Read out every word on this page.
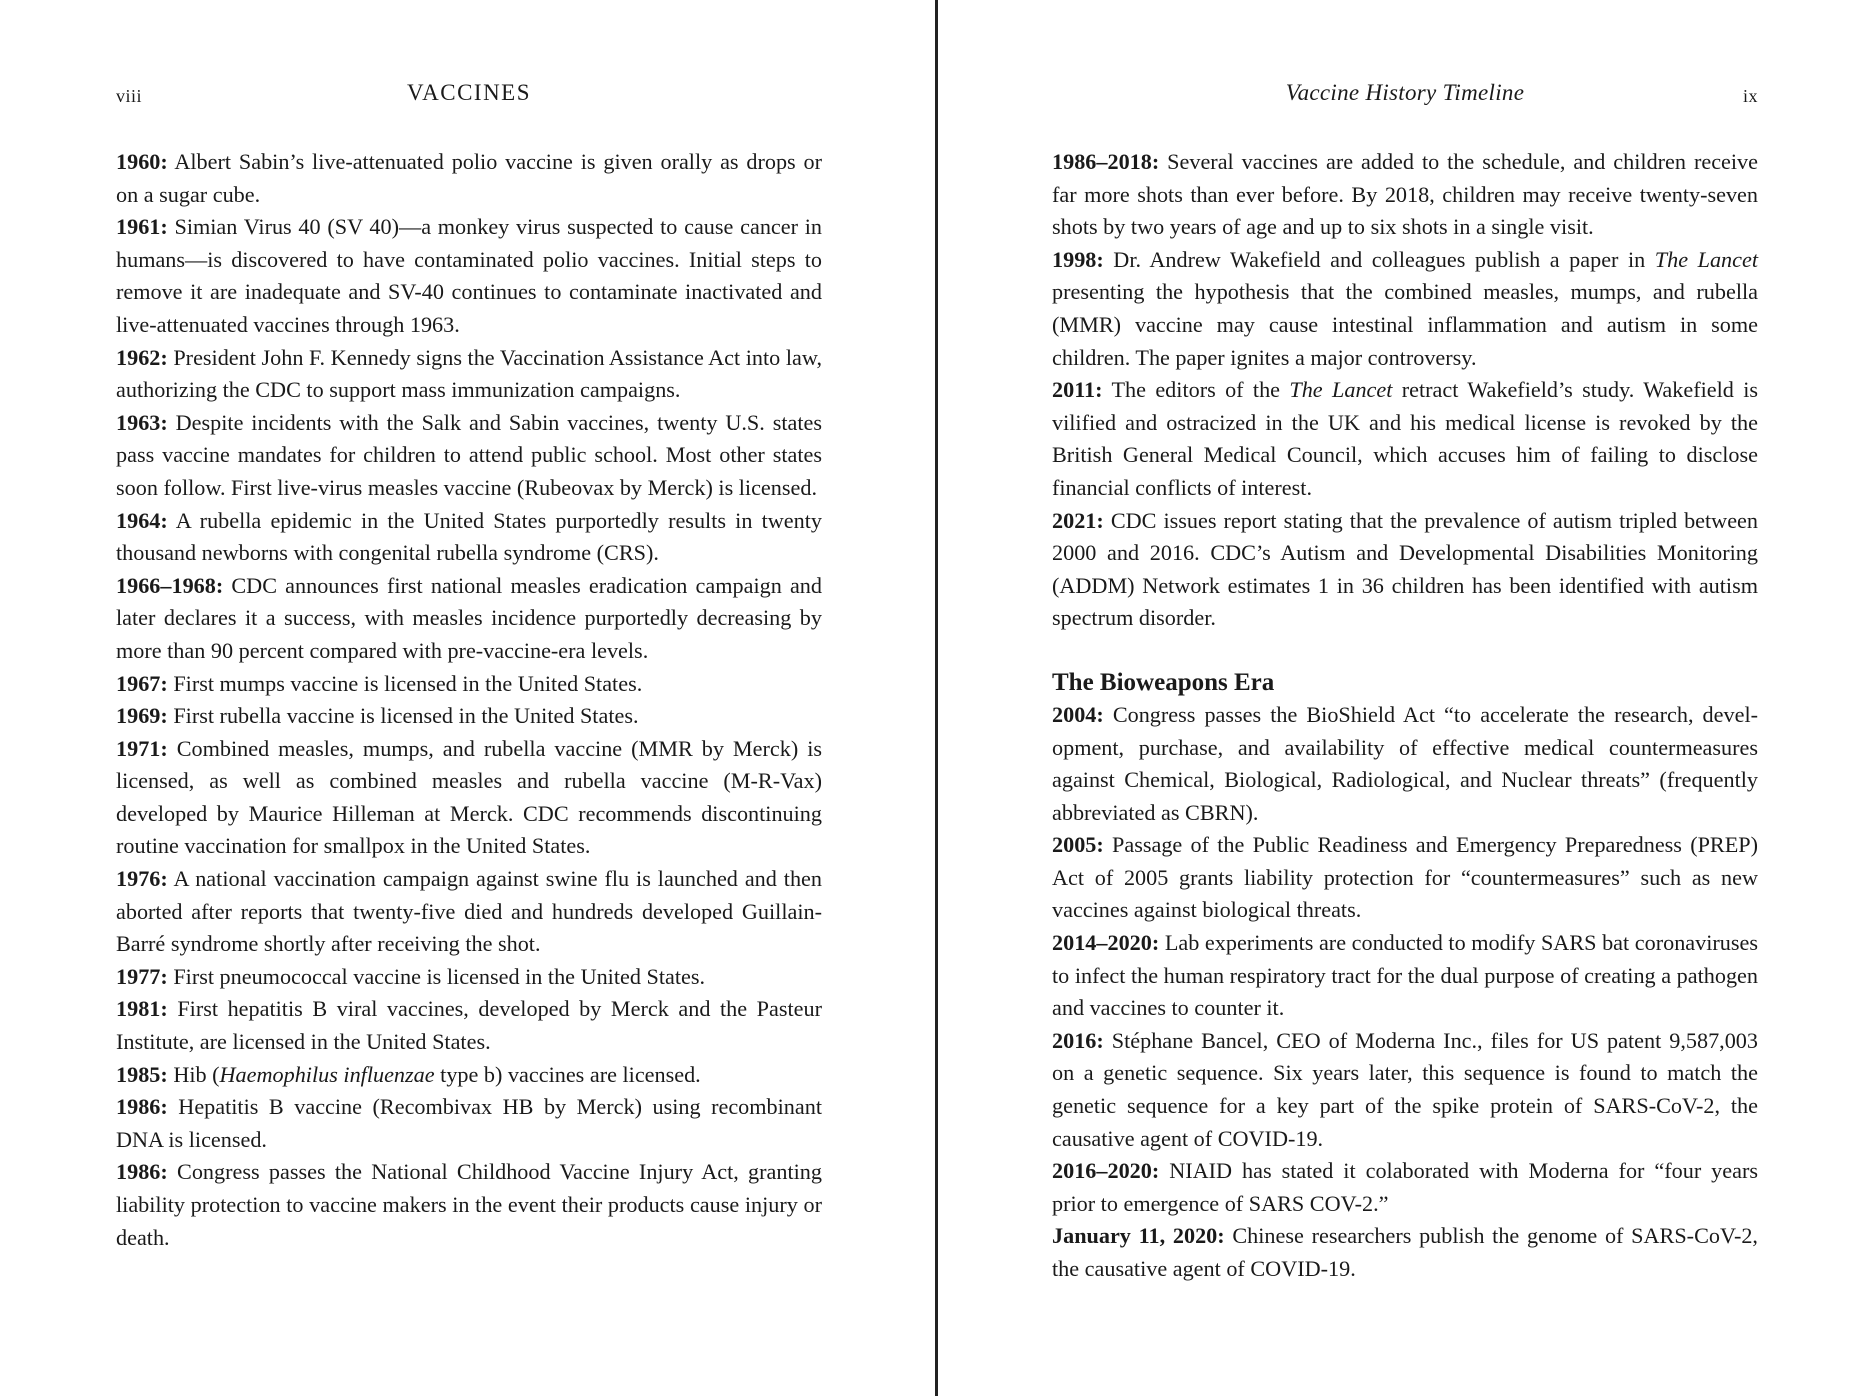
viii	VACCINES

1960: Albert Sabin’s live-attenuated polio vaccine is given orally as drops or on a sugar cube.

1961: Simian Virus 40 (SV 40)—a monkey virus suspected to cause cancer in humans—is discovered to have contaminated polio vaccines. Initial steps to remove it are inadequate and SV-40 continues to contaminate inactivated and live-attenuated vaccines through 1963.

1962: President John F. Kennedy signs the Vaccination Assistance Act into law, authorizing the CDC to support mass immunization campaigns.

1963: Despite incidents with the Salk and Sabin vaccines, twenty U.S. states pass vaccine mandates for children to attend public school. Most other states soon follow. First live-virus measles vaccine (Rubeovax by Merck) is licensed.

1964: A rubella epidemic in the United States purportedly results in twenty thousand newborns with congenital rubella syndrome (CRS).

1966–1968: CDC announces first national measles eradication campaign and later declares it a success, with measles incidence purportedly decreasing by more than 90 percent compared with pre-vaccine-era levels.

1967: First mumps vaccine is licensed in the United States.

1969: First rubella vaccine is licensed in the United States.

1971: Combined measles, mumps, and rubella vaccine (MMR by Merck) is licensed, as well as combined measles and rubella vaccine (M-R-Vax) developed by Maurice Hilleman at Merck. CDC recommends discontinuing routine vaccination for smallpox in the United States.

1976: A national vaccination campaign against swine flu is launched and then aborted after reports that twenty-five died and hundreds developed Guillain-Barré syndrome shortly after receiving the shot.

1977: First pneumococcal vaccine is licensed in the United States.

1981: First hepatitis B viral vaccines, developed by Merck and the Pasteur Institute, are licensed in the United States.

1985: Hib (Haemophilus influenzae type b) vaccines are licensed.

1986: Hepatitis B vaccine (Recombivax HB by Merck) using recombinant DNA is licensed.

1986: Congress passes the National Childhood Vaccine Injury Act, granting liability protection to vaccine makers in the event their products cause injury or death.

Vaccine History Timeline	ix

1986–2018: Several vaccines are added to the schedule, and children receive far more shots than ever before. By 2018, children may receive twenty-seven shots by two years of age and up to six shots in a single visit.

1998: Dr. Andrew Wakefield and colleagues publish a paper in The Lancet presenting the hypothesis that the combined measles, mumps, and rubella (MMR) vaccine may cause intestinal inflammation and autism in some children. The paper ignites a major controversy.

2011: The editors of the The Lancet retract Wakefield’s study. Wakefield is vilified and ostracized in the UK and his medical license is revoked by the British General Medical Council, which accuses him of failing to disclose financial conflicts of interest.

2021: CDC issues report stating that the prevalence of autism tripled between 2000 and 2016. CDC’s Autism and Developmental Disabilities Monitoring (ADDM) Network estimates 1 in 36 children has been identified with autism spectrum disorder.

The Bioweapons Era

2004: Congress passes the BioShield Act “to accelerate the research, development, purchase, and availability of effective medical countermeasures against Chemical, Biological, Radiological, and Nuclear threats” (frequently abbreviated as CBRN).

2005: Passage of the Public Readiness and Emergency Preparedness (PREP) Act of 2005 grants liability protection for “countermeasures” such as new vaccines against biological threats.

2014–2020: Lab experiments are conducted to modify SARS bat coronaviruses to infect the human respiratory tract for the dual purpose of creating a pathogen and vaccines to counter it.

2016: Stéphane Bancel, CEO of Moderna Inc., files for US patent 9,587,003 on a genetic sequence. Six years later, this sequence is found to match the genetic sequence for a key part of the spike protein of SARS-CoV-2, the causative agent of COVID-19.

2016–2020: NIAID has stated it colaborated with Moderna for “four years prior to emergence of SARS COV-2.”

January 11, 2020: Chinese researchers publish the genome of SARS-CoV-2, the causative agent of COVID-19.
